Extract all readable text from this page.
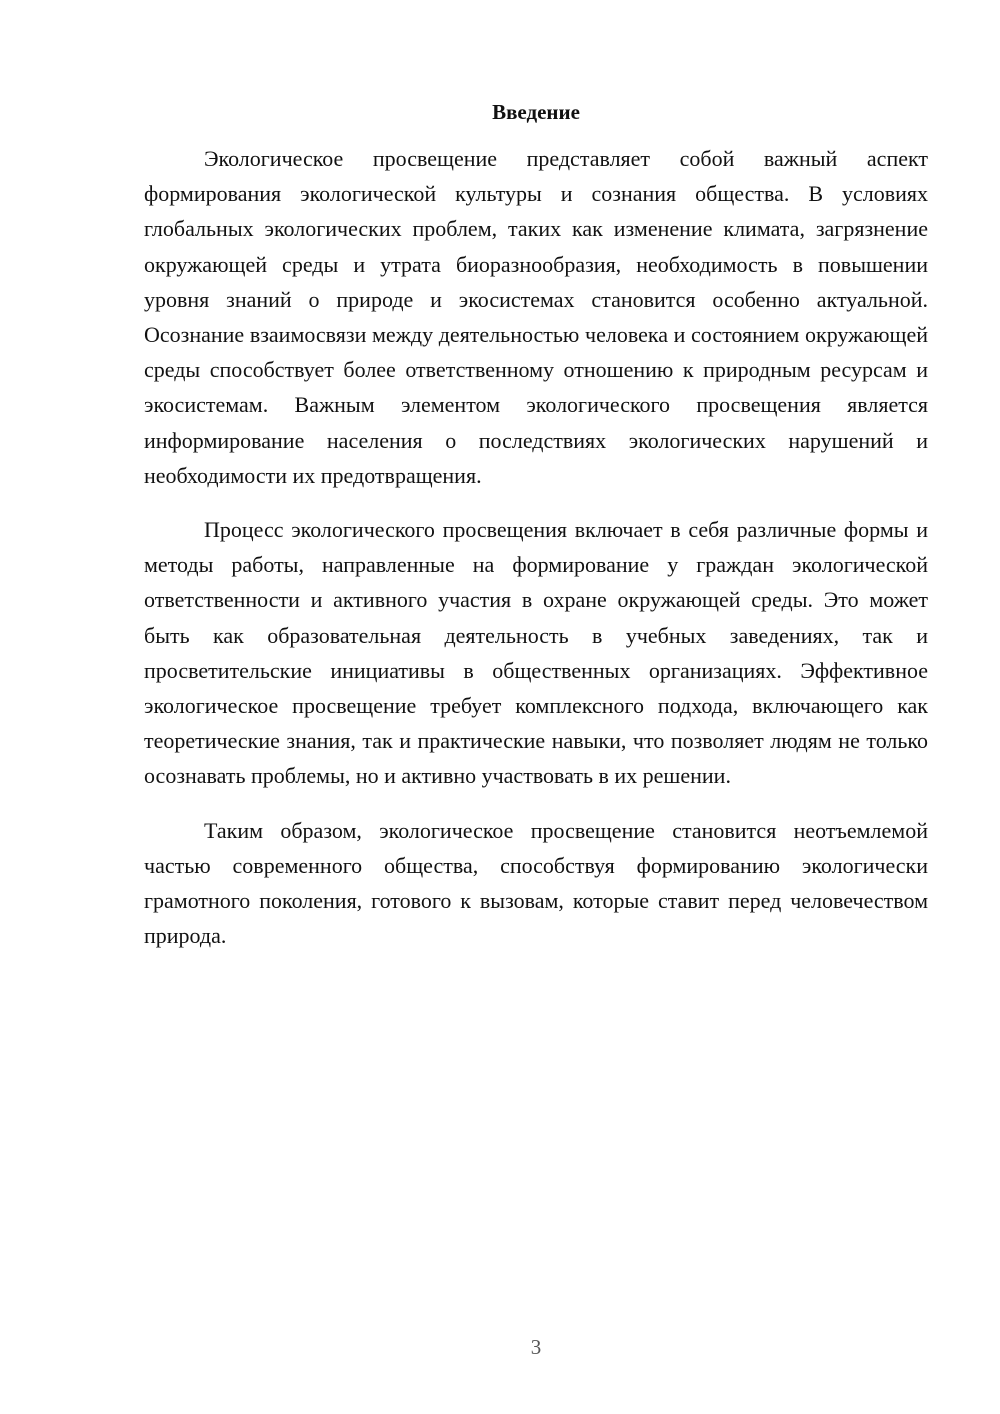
Введение

Экологическое просвещение представляет собой важный аспект формирования экологической культуры и сознания общества. В условиях глобальных экологических проблем, таких как изменение климата, загрязнение окружающей среды и утрата биоразнообразия, необходимость в повышении уровня знаний о природе и экосистемах становится особенно актуальной. Осознание взаимосвязи между деятельностью человека и состоянием окружающей среды способствует более ответственному отношению к природным ресурсам и экосистемам. Важным элементом экологического просвещения является информирование населения о последствиях экологических нарушений и необходимости их предотвращения.

Процесс экологического просвещения включает в себя различные формы и методы работы, направленные на формирование у граждан экологической ответственности и активного участия в охране окружающей среды. Это может быть как образовательная деятельность в учебных заведениях, так и просветительские инициативы в общественных организациях. Эффективное экологическое просвещение требует комплексного подхода, включающего как теоретические знания, так и практические навыки, что позволяет людям не только осознавать проблемы, но и активно участвовать в их решении.

Таким образом, экологическое просвещение становится неотъемлемой частью современного общества, способствуя формированию экологически грамотного поколения, готового к вызовам, которые ставит перед человечеством природа.

3
